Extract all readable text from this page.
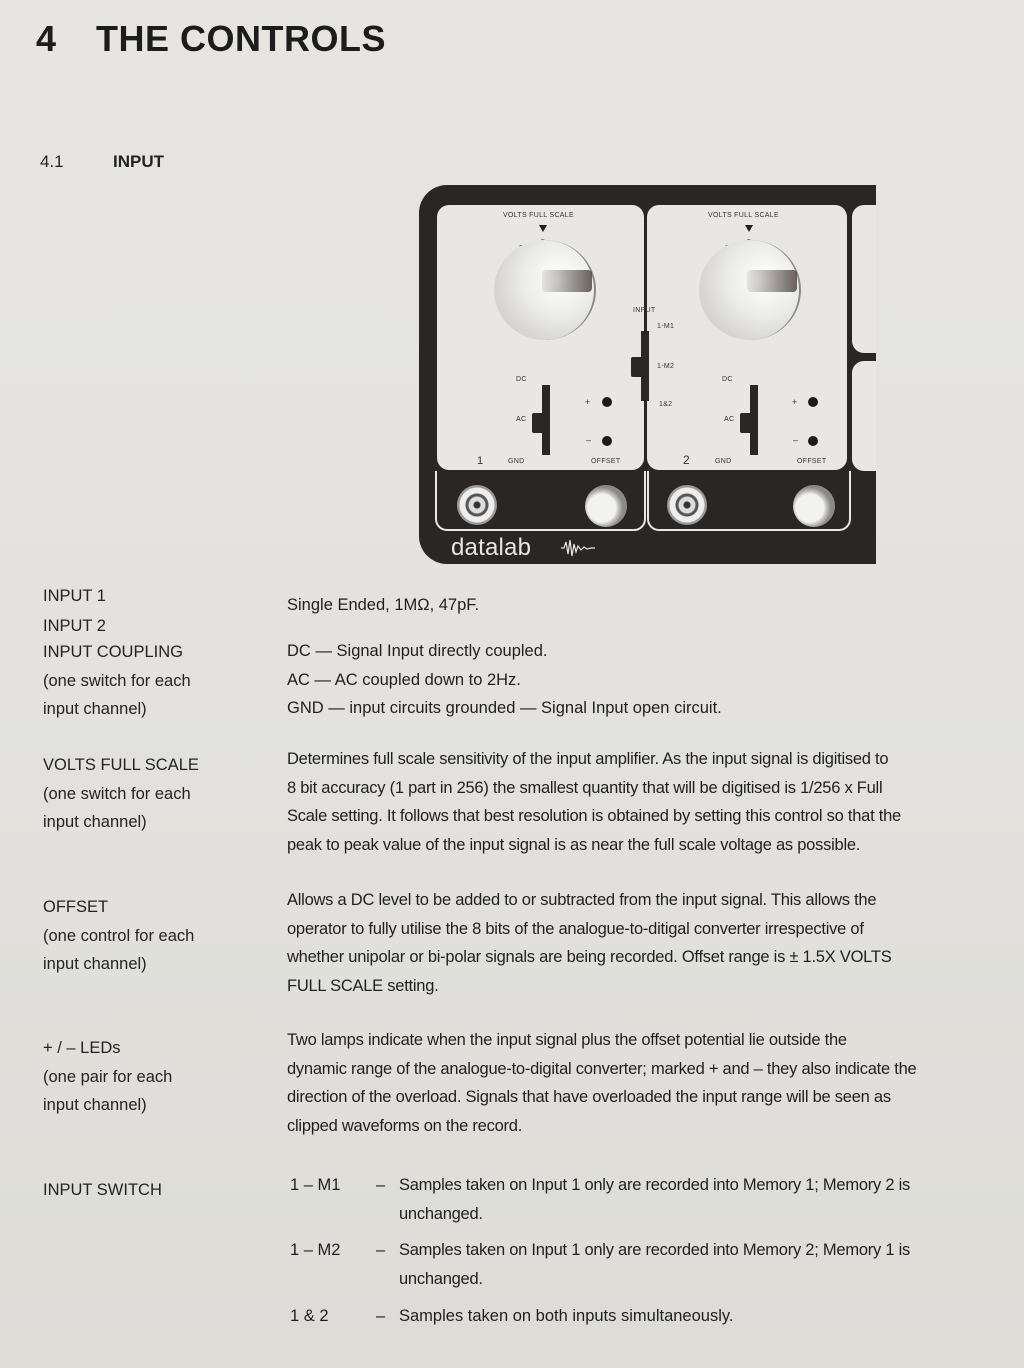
4 THE CONTROLS
4.1	INPUT
VOLTS FULL SCALE
DC
AC
GND
+
–
1	OFFSET
INPUT
1-M1
1-M2
1&2
VOLTS FULL SCALE
DC
AC
GND
+
–
2	OFFSET
datalab
INPUT 1
INPUT 2
Single Ended, 1MΩ, 47pF.
INPUT COUPLING
(one switch for each
input channel)
DC — Signal Input directly coupled.
AC — AC coupled down to 2Hz.
GND — input circuits grounded — Signal Input open circuit.
VOLTS FULL SCALE
(one switch for each
input channel)

Determines full scale sensitivity of the input amplifier. As the input signal is digitised to

8 bit accuracy (1 part in 256) the smallest quantity that will be digitised is 1/256 x Full

Scale setting. It follows that best resolution is obtained by setting this control so that the

peak to peak value of the input signal is as near the full scale voltage as possible.

OFFSET
(one control for each
input channel)

Allows a DC level to be added to or subtracted from the input signal. This allows the

operator to fully utilise the 8 bits of the analogue-to-ditigal converter irrespective of

whether unipolar or bi-polar signals are being recorded. Offset range is ± 1.5X VOLTS

FULL SCALE setting.

+ / – LEDs
(one pair for each
input channel)

Two lamps indicate when the input signal plus the offset potential lie outside the

dynamic range of the analogue-to-digital converter; marked + and – they also indicate the

direction of the overload. Signals that have overloaded the input range will be seen as

clipped waveforms on the record.

INPUT SWITCH	1 – M1	– Samples taken on Input 1 only are recorded into Memory 1; Memory 2 is
unchanged.
1 – M2	– Samples taken on Input 1 only are recorded into Memory 2; Memory 1 is
unchanged.
1 & 2	– Samples taken on both inputs simultaneously.
